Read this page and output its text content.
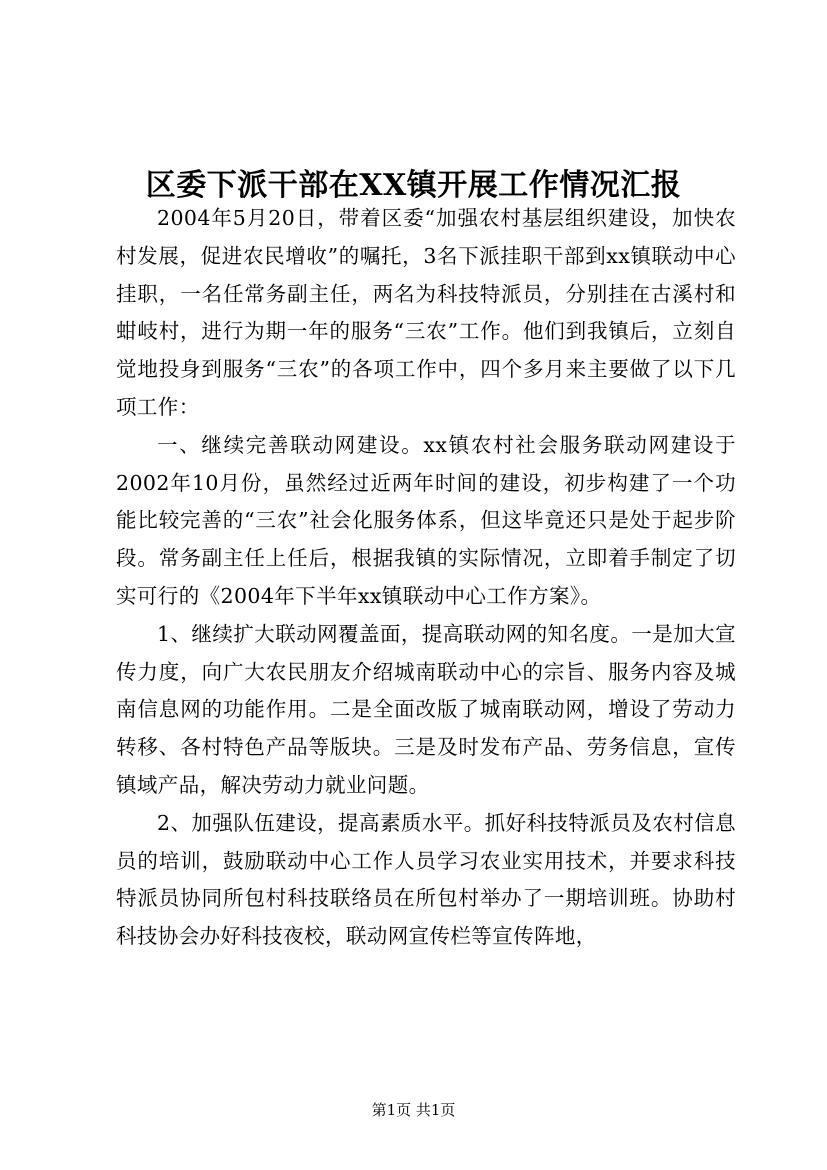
区委下派干部在XX镇开展工作情况汇报

2004年5月20日，带着区委“加强农村基层组织建设，加快农村发展，促进农民增收”的嘱托，3名下派挂职干部到xx镇联动中心挂职，一名任常务副主任，两名为科技特派员，分别挂在古溪村和蚶岐村，进行为期一年的服务“三农”工作。他们到我镇后，立刻自觉地投身到服务“三农”的各项工作中，四个多月来主要做了以下几项工作：

一、继续完善联动网建设。xx镇农村社会服务联动网建设于2002年10月份，虽然经过近两年时间的建设，初步构建了一个功能比较完善的“三农”社会化服务体系，但这毕竟还只是处于起步阶段。常务副主任上任后，根据我镇的实际情况，立即着手制定了切实可行的《2004年下半年xx镇联动中心工作方案》。

1、继续扩大联动网覆盖面，提高联动网的知名度。一是加大宣传力度，向广大农民朋友介绍城南联动中心的宗旨、服务内容及城南信息网的功能作用。二是全面改版了城南联动网，增设了劳动力转移、各村特色产品等版块。三是及时发布产品、劳务信息，宣传镇域产品，解决劳动力就业问题。

2、加强队伍建设，提高素质水平。抓好科技特派员及农村信息员的培训，鼓励联动中心工作人员学习农业实用技术，并要求科技特派员协同所包村科技联络员在所包村举办了一期培训班。协助村科技协会办好科技夜校，联动网宣传栏等宣传阵地，

第1页 共1页
